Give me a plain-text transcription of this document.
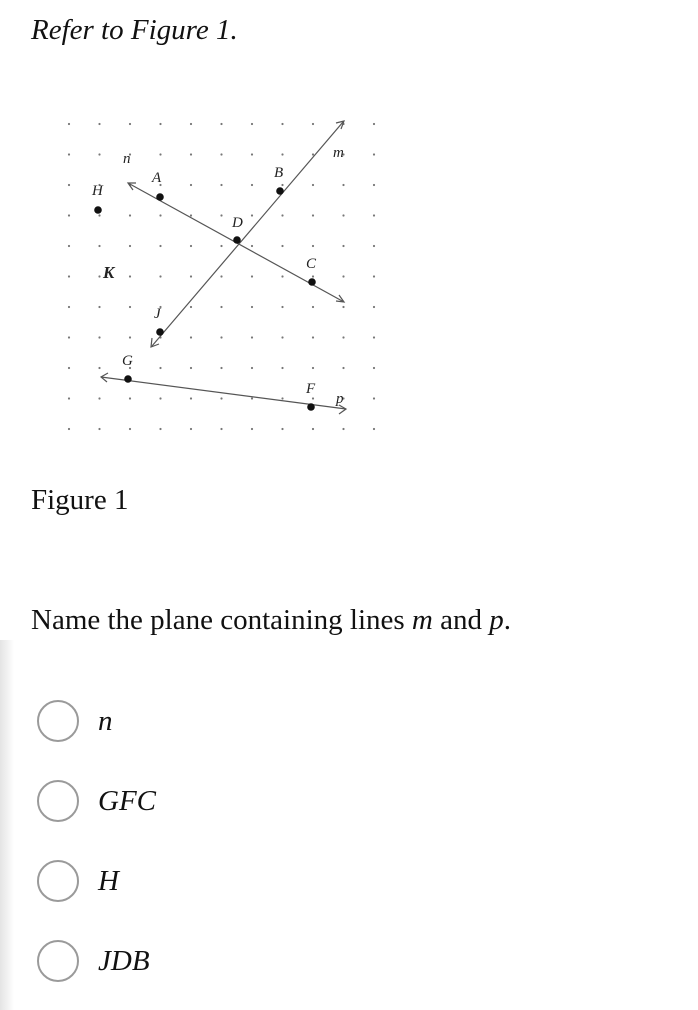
Refer to Figure 1.
A	B
C
D
F
G
H
J
K
m
n
p
Figure 1

Name the plane containing lines m and p.

n
GFC
H
JDB
